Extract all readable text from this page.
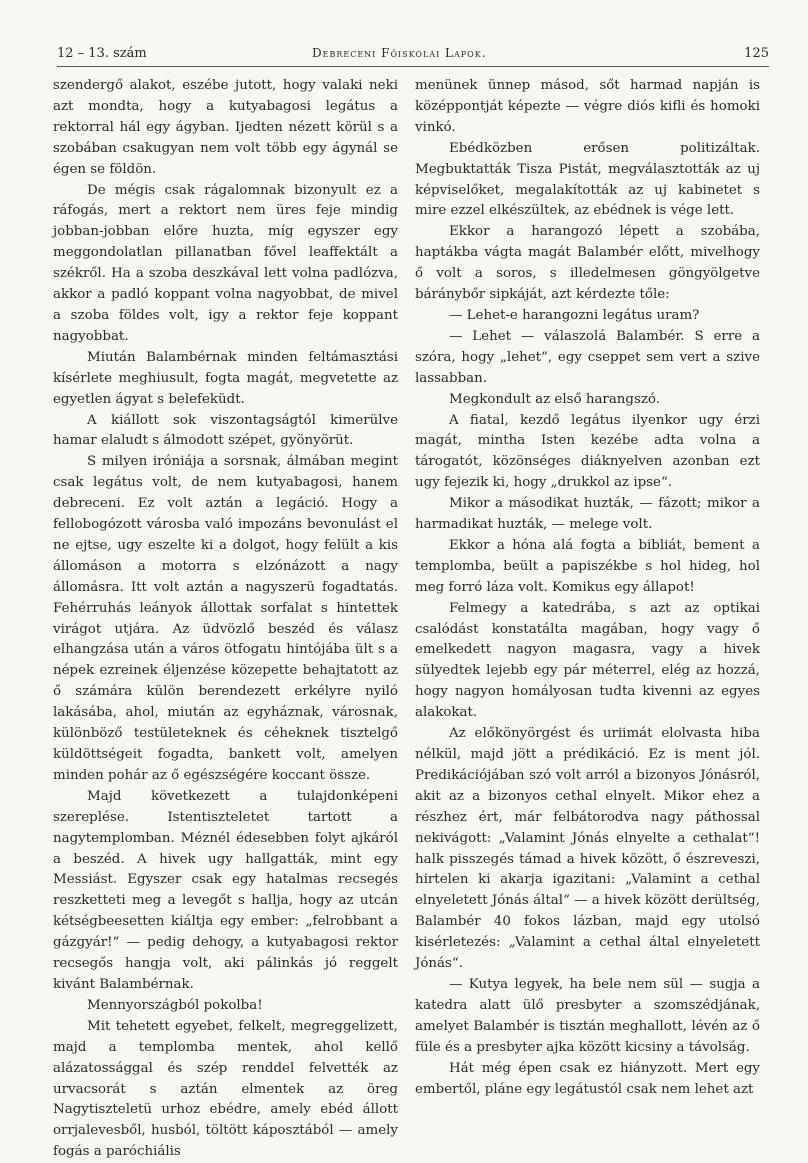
12 – 13. szám	Debreceni Főiskolai Lapok.	125

szendergő alakot, eszébe jutott, hogy valaki neki azt mondta, hogy a kutyabagosi legátus a rektorral hál egy ágyban. Ijedten nézett körül s a szobában csakugyan nem volt több egy ágynál se égen se földön.

De mégis csak rágalomnak bizonyult ez a ráfogás, mert a rektort nem üres feje mindig jobban-jobban előre huzta, míg egyszer egy meggondolatlan pillanatban fővel leaffektált a székről. Ha a szoba deszkával lett volna padlózva, akkor a padló koppant volna nagyobbat, de mivel a szoba földes volt, igy a rektor feje koppant nagyobbat.

Miután Balambérnak minden feltámasztási kísérlete meghiusult, fogta magát, megvetette az egyetlen ágyat s belefeküdt.

A kiállott sok viszontagságtól kimerülve hamar elaludt s álmodott szépet, gyönyörüt.

S milyen iróniája a sorsnak, álmában megint csak legátus volt, de nem kutyabagosi, hanem debreceni. Ez volt aztán a legáció. Hogy a fellobogózott városba való impozáns bevonulást el ne ejtse, ugy eszelte ki a dolgot, hogy felült a kis állomáson a motorra s elzónázott a nagy állomásra. Itt volt aztán a nagyszerü fogadtatás. Fehérruhás leányok állottak sorfalat s hintettek virágot utjára. Az üdvözlő beszéd és válasz elhangzása után a város ötfogatu hintójába ült s a népek ezreinek éljenzése közepette behajtatott az ő számára külön berendezett erkélyre nyiló lakásába, ahol, miután az egyháznak, városnak, különböző testületeknek és céheknek tisztelgő küldöttségeit fogadta, bankett volt, amelyen minden pohár az ő egészségére koccant össze.

Majd következett a tulajdonképeni szereplése. Istentiszteletet tartott a nagytemplomban. Méznél édesebben folyt ajkáról a beszéd. A hivek ugy hallgatták, mint egy Messiást. Egyszer csak egy hatalmas recsegés reszketteti meg a levegőt s hallja, hogy az utcán kétségbeesetten kiáltja egy ember: „felrobbant a gázgyár!“ — pedig dehogy, a kutyabagosi rektor recsegős hangja volt, aki pálinkás jó reggelt kivánt Balambérnak.

Mennyországból pokolba!

Mit tehetett egyebet, felkelt, megreggelizett, majd a templomba mentek, ahol kellő alázatossággal és szép renddel felvették az urvacsorát s aztán elmentek az öreg Nagytiszteletü urhoz ebédre, amely ebéd állott orrjalevesből, husból, töltött káposztából — amely fogás a paróchiális

menünek ünnep másod, sőt harmad napján is középpontját képezte — végre diós kifli és homoki vinkó.

Ebédközben erősen politizáltak. Megbuktatták Tisza Pistát, megválasztották az uj képviselőket, megalakították az uj kabinetet s mire ezzel elkészültek, az ebédnek is vége lett.

Ekkor a harangozó lépett a szobába, haptákba vágta magát Balambér előtt, mivelhogy ő volt a soros, s illedelmesen göngyölgetve báránybőr sipkáját, azt kérdezte tőle:

— Lehet-e harangozni legátus uram?

— Lehet — válaszolá Balambér. S erre a szóra, hogy „lehet“, egy cseppet sem vert a szive lassabban.

Megkondult az első harangszó.

A fiatal, kezdő legátus ilyenkor ugy érzi magát, mintha Isten kezébe adta volna a tárogatót, közönséges diáknyelven azonban ezt ugy fejezik ki, hogy „drukkol az ipse“.

Mikor a másodikat huzták, — fázott; mikor a harmadikat huzták, — melege volt.

Ekkor a hóna alá fogta a bibliát, bement a templomba, beült a papiszékbe s hol hideg, hol meg forró láza volt. Komikus egy állapot!

Felmegy a katedrába, s azt az optikai csalódást konstatálta magában, hogy vagy ő emelkedett nagyon magasra, vagy a hivek sülyedtek lejebb egy pár méterrel, elég az hozzá, hogy nagyon homályosan tudta kivenni az egyes alakokat.

Az előkönyörgést és uriimát elolvasta hiba nélkül, majd jött a prédikáció. Ez is ment jól. Predikációjában szó volt arról a bizonyos Jónásról, akit az a bizonyos cethal elnyelt. Mikor ehez a részhez ért, már felbátorodva nagy páthossal nekivágott: „Valamint Jónás elnyelte a cethalat“! halk pisszegés támad a hivek között, ő észreveszi, hirtelen ki akarja igazitani: „Valamint a cethal elnyeletett Jónás által“ — a hivek között derültség, Balambér 40 fokos lázban, majd egy utolsó kisérletezés: „Valamint a cethal által elnyeletett Jónás“.

— Kutya legyek, ha bele nem sül — sugja a katedra alatt ülő presbyter a szomszédjának, amelyet Balambér is tisztán meghallott, lévén az ő füle és a presbyter ajka között kicsiny a távolság.

Hát még épen csak ez hiányzott. Mert egy embertől, pláne egy legátustól csak nem lehet azt
